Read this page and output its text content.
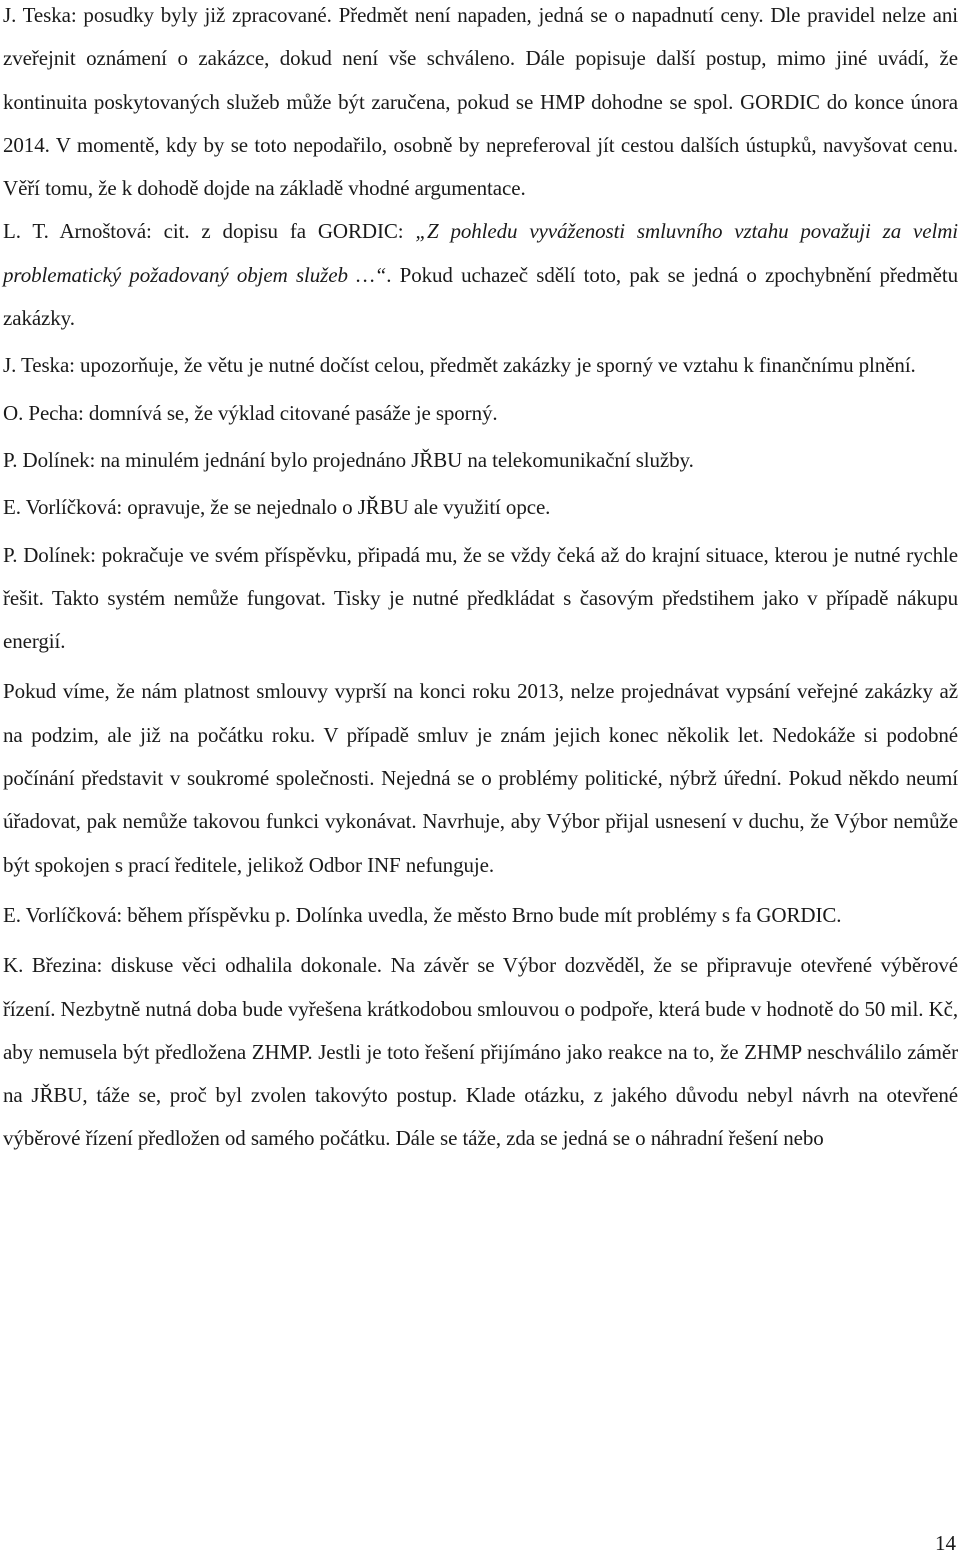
J. Teska: posudky byly již zpracované. Předmět není napaden, jedná se o napadnutí ceny. Dle pravidel nelze ani zveřejnit oznámení o zakázce, dokud není vše schváleno. Dále popisuje další postup, mimo jiné uvádí, že kontinuita poskytovaných služeb může být zaručena, pokud se HMP dohodne se spol. GORDIC do konce února 2014. V momentě, kdy by se toto nepodařilo, osobně by nepreferoval jít cestou dalších ústupků, navyšovat cenu. Věří tomu, že k dohodě dojde na základě vhodné argumentace.

L. T. Arnoštová: cit. z dopisu fa GORDIC: „Z pohledu vyváženosti smluvního vztahu považuji za velmi problematický požadovaný objem služeb …“. Pokud uchazeč sdělí toto, pak se jedná o zpochybnění předmětu zakázky.

J. Teska: upozorňuje, že větu je nutné dočíst celou, předmět zakázky je sporný ve vztahu k finančnímu plnění.

O. Pecha: domnívá se, že výklad citované pasáže je sporný.

P. Dolínek: na minulém jednání bylo projednáno JŘBU na telekomunikační služby.

E. Vorlíčková: opravuje, že se nejednalo o JŘBU ale využití opce.

P. Dolínek: pokračuje ve svém příspěvku, připadá mu, že se vždy čeká až do krajní situace, kterou je nutné rychle řešit. Takto systém nemůže fungovat. Tisky je nutné předkládat s časovým předstihem jako v případě nákupu energií.

Pokud víme, že nám platnost smlouvy vyprší na konci roku 2013, nelze projednávat vypsání veřejné zakázky až na podzim, ale již na počátku roku. V případě smluv je znám jejich konec několik let. Nedokáže si podobné počínání představit v soukromé společnosti. Nejedná se o problémy politické, nýbrž úřední. Pokud někdo neumí úřadovat, pak nemůže takovou funkci vykonávat. Navrhuje, aby Výbor přijal usnesení v duchu, že Výbor nemůže být spokojen s prací ředitele, jelikož Odbor INF nefunguje.

E. Vorlíčková: během příspěvku p. Dolínka uvedla, že město Brno bude mít problémy s fa GORDIC.

K. Březina: diskuse věci odhalila dokonale. Na závěr se Výbor dozvěděl, že se připravuje otevřené výběrové řízení. Nezbytně nutná doba bude vyřešena krátkodobou smlouvou o podpoře, která bude v hodnotě do 50 mil. Kč, aby nemusela být předložena ZHMP. Jestli je toto řešení přijímáno jako reakce na to, že ZHMP neschválilo záměr na JŘBU, táže se, proč byl zvolen takovýto postup. Klade otázku, z jakého důvodu nebyl návrh na otevřené výběrové řízení předložen od samého počátku. Dále se táže, zda se jedná se o náhradní řešení nebo

14
